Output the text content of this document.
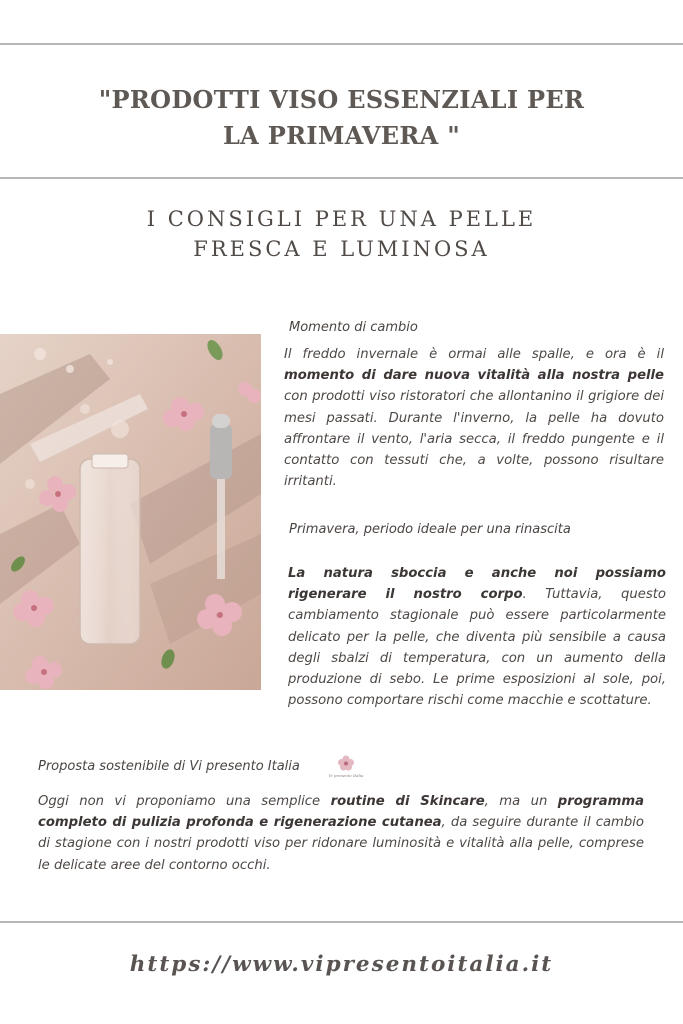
"PRODOTTI VISO ESSENZIALI PER
LA PRIMAVERA "
I CONSIGLI PER UNA PELLE
FRESCA E LUMINOSA
Momento di cambio
Il freddo invernale è ormai alle spalle, e ora è il momento di dare nuova vitalità alla nostra pelle con prodotti viso ristoratori che allontanino il grigiore dei mesi passati. Durante l'inverno, la pelle ha dovuto affrontare il vento, l'aria secca, il freddo pungente e il contatto con tessuti che, a volte, possono risultare irritanti.
Primavera, periodo ideale per una rinascita
La natura sboccia e anche noi possiamo rigenerare il nostro corpo. Tuttavia, questo cambiamento stagionale può essere particolarmente delicato per la pelle, che diventa più sensibile a causa degli sbalzi di temperatura, con un aumento della produzione di sebo. Le prime esposizioni al sole, poi, possono comportare rischi come macchie e scottature.
Proposta sostenibile di Vi presento Italia
Vi presento Italia
Oggi non vi proponiamo una semplice routine di Skincare, ma un programma completo di pulizia profonda e rigenerazione cutanea, da seguire durante il cambio di stagione con i nostri prodotti viso per ridonare luminosità e vitalità alla pelle, comprese le delicate aree del contorno occhi.
https://www.vipresentoitalia.it
